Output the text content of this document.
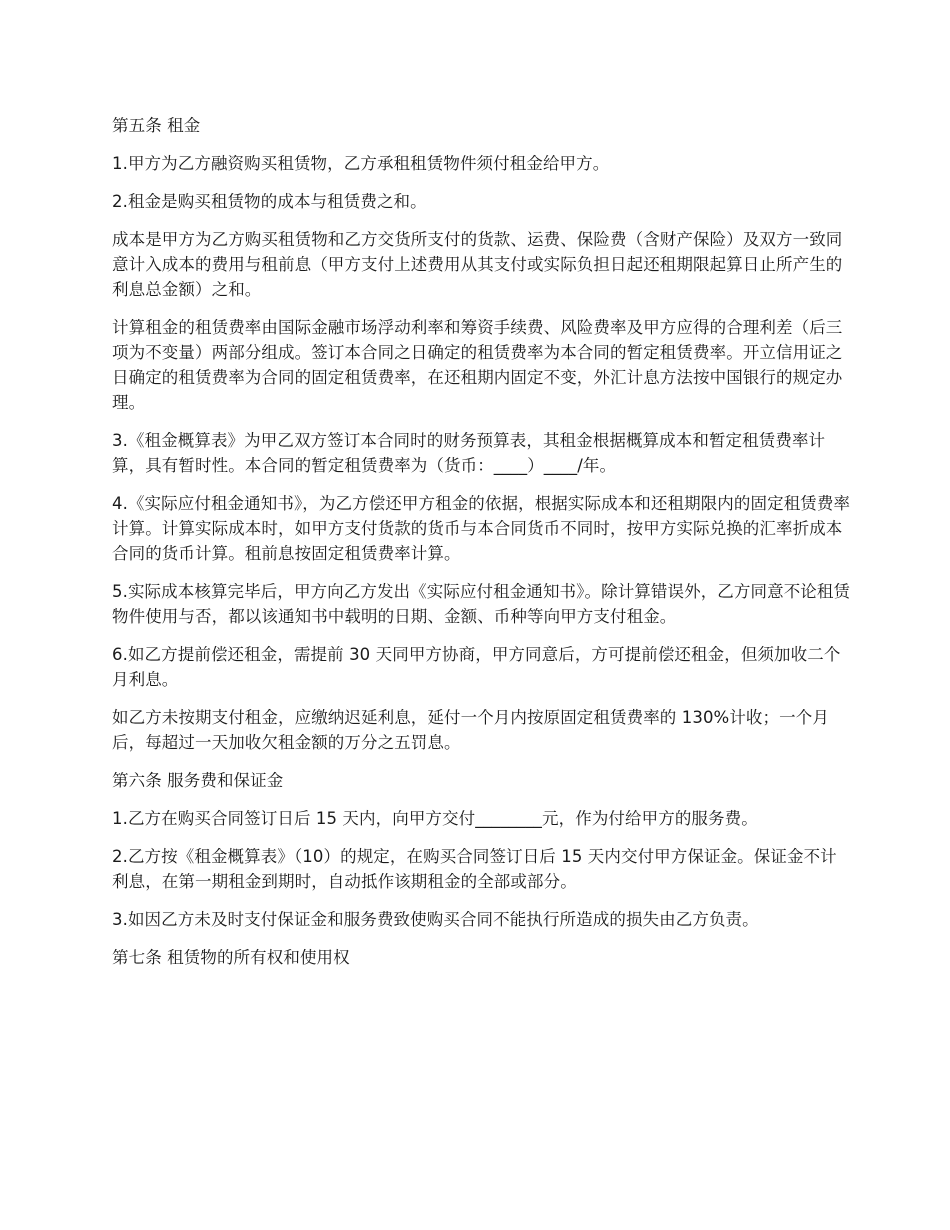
第五条 租金

1.甲方为乙方融资购买租赁物，乙方承租租赁物件须付租金给甲方。

2.租金是购买租赁物的成本与租赁费之和。

成本是甲方为乙方购买租赁物和乙方交货所支付的货款、运费、保险费（含财产保险）及双方一致同意计入成本的费用与租前息（甲方支付上述费用从其支付或实际负担日起还租期限起算日止所产生的利息总金额）之和。

计算租金的租赁费率由国际金融市场浮动利率和筹资手续费、风险费率及甲方应得的合理利差（后三项为不变量）两部分组成。签订本合同之日确定的租赁费率为本合同的暂定租赁费率。开立信用证之日确定的租赁费率为合同的固定租赁费率，在还租期内固定不变，外汇计息方法按中国银行的规定办理。

3.《租金概算表》为甲乙双方签订本合同时的财务预算表，其租金根据概算成本和暂定租赁费率计算，具有暂时性。本合同的暂定租赁费率为（货币：____）____/年。

4.《实际应付租金通知书》，为乙方偿还甲方租金的依据，根据实际成本和还租期限内的固定租赁费率计算。计算实际成本时，如甲方支付货款的货币与本合同货币不同时，按甲方实际兑换的汇率折成本合同的货币计算。租前息按固定租赁费率计算。

5.实际成本核算完毕后，甲方向乙方发出《实际应付租金通知书》。除计算错误外，乙方同意不论租赁物件使用与否，都以该通知书中载明的日期、金额、币种等向甲方支付租金。

6.如乙方提前偿还租金，需提前 30 天同甲方协商，甲方同意后，方可提前偿还租金，但须加收二个月利息。

如乙方未按期支付租金，应缴纳迟延利息，延付一个月内按原固定租赁费率的 130%计收；一个月后，每超过一天加收欠租金额的万分之五罚息。

第六条 服务费和保证金

1.乙方在购买合同签订日后 15 天内，向甲方交付________元，作为付给甲方的服务费。

2.乙方按《租金概算表》（10）的规定，在购买合同签订日后 15 天内交付甲方保证金。保证金不计利息，在第一期租金到期时，自动抵作该期租金的全部或部分。

3.如因乙方未及时支付保证金和服务费致使购买合同不能执行所造成的损失由乙方负责。

第七条 租赁物的所有权和使用权
